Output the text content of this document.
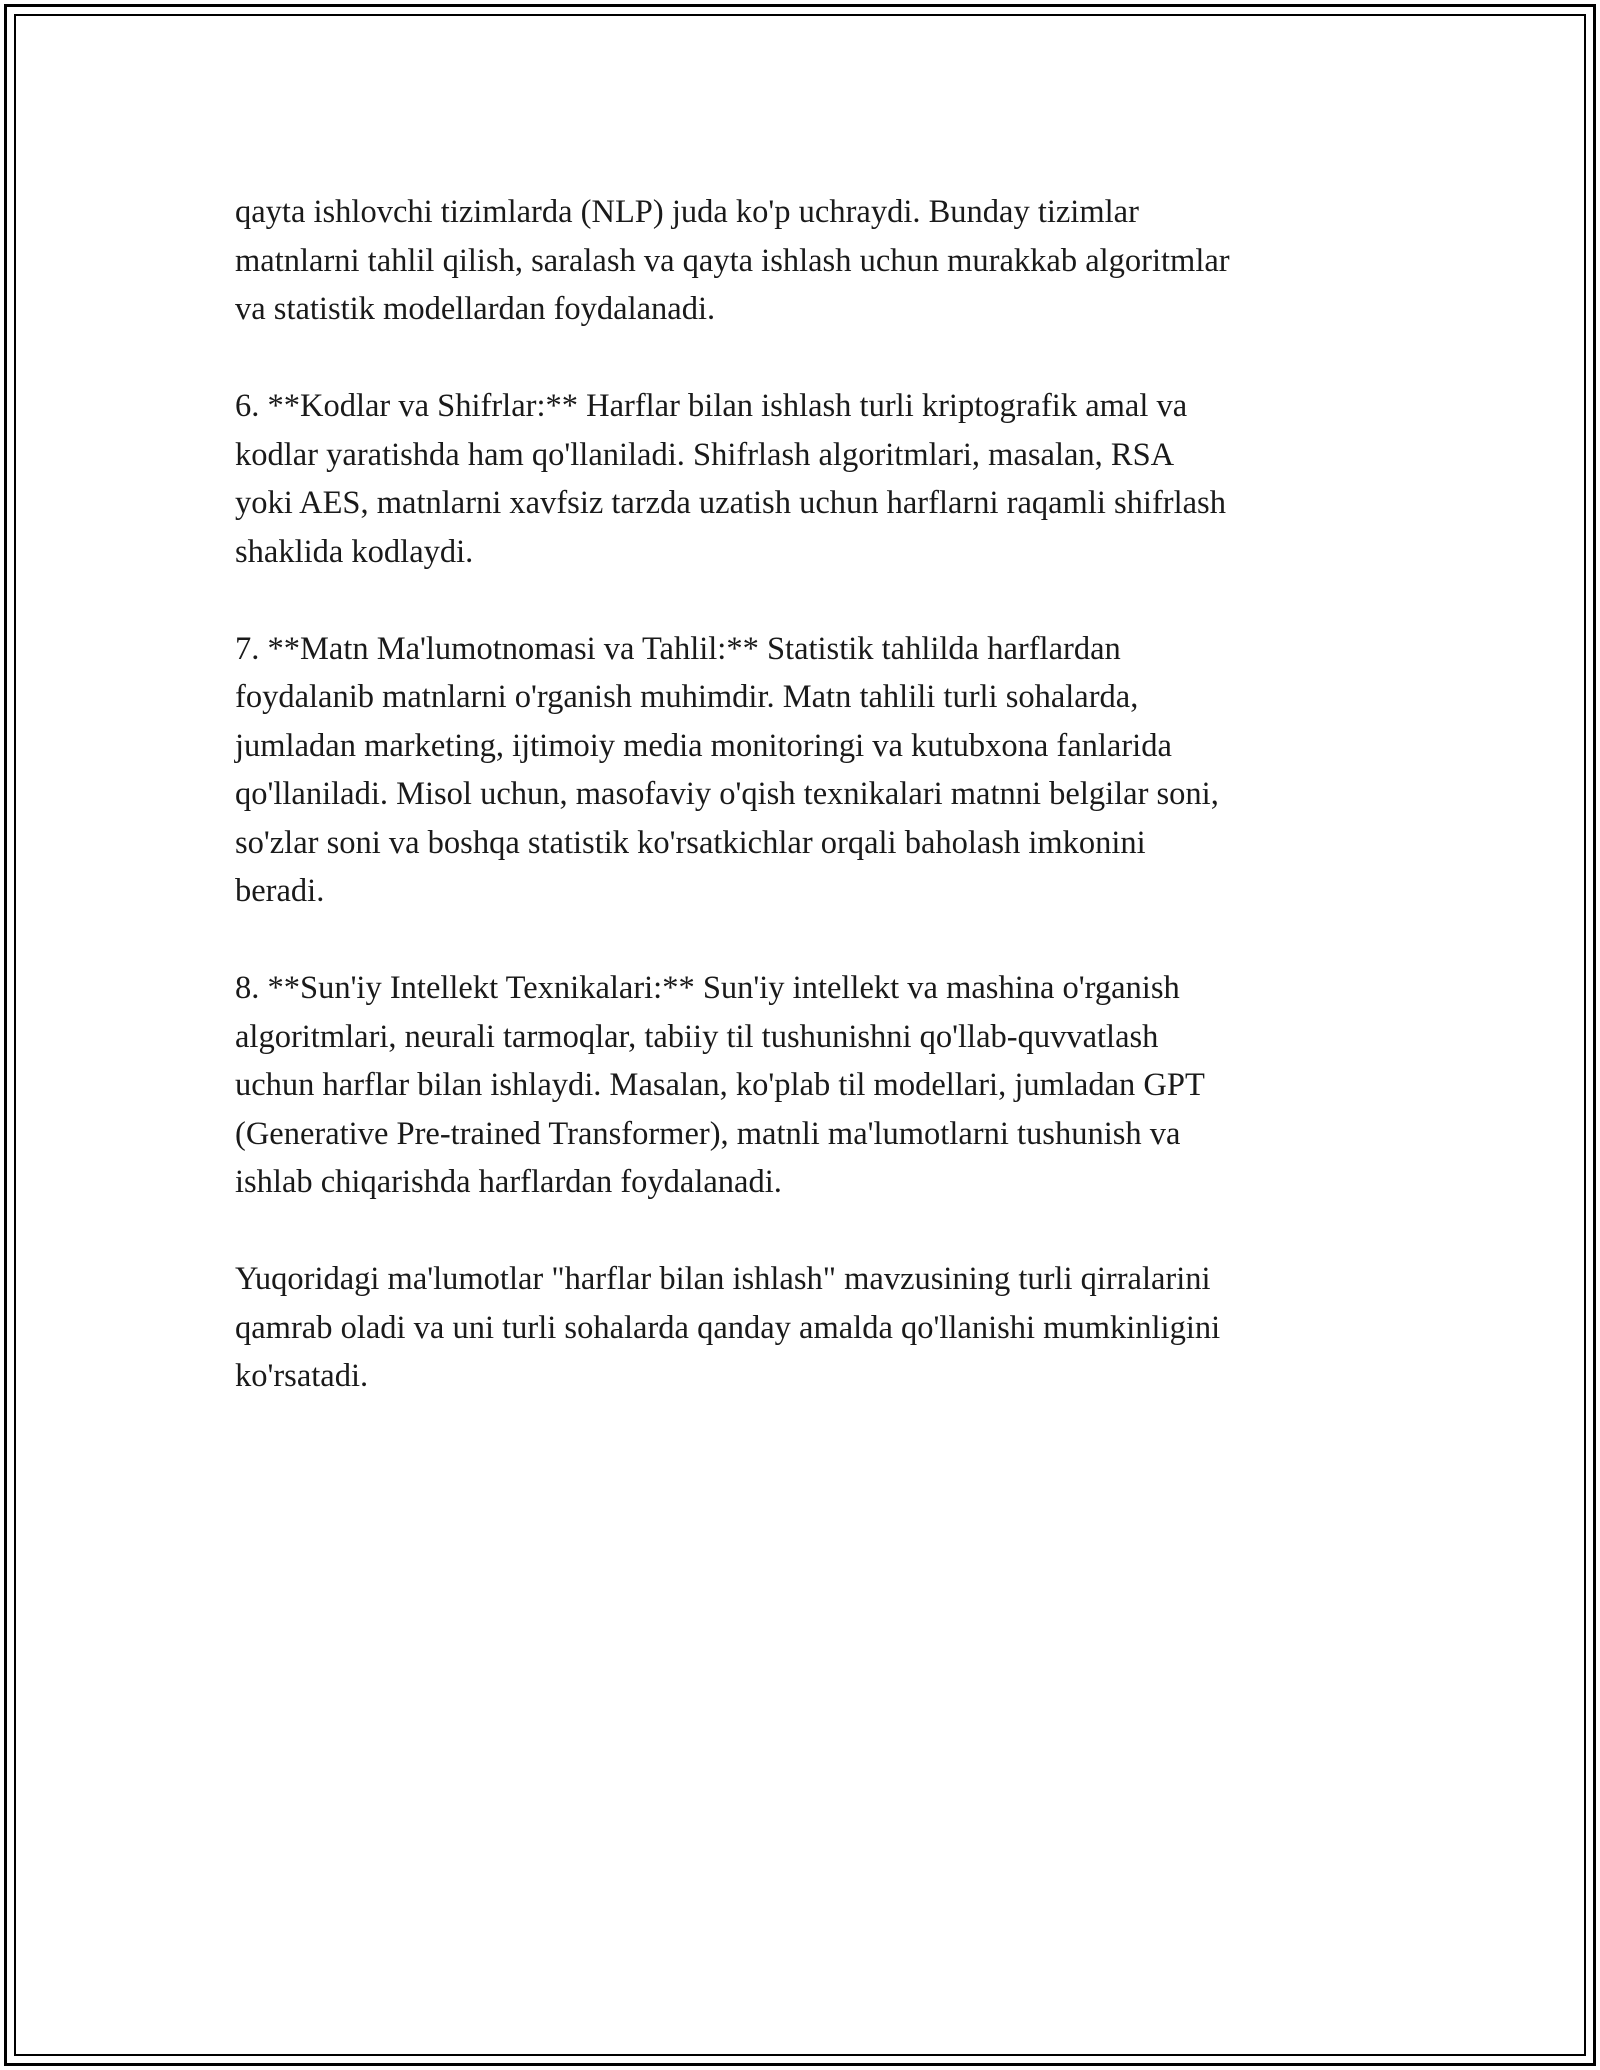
qayta ishlovchi tizimlarda (NLP) juda ko'p uchraydi. Bunday tizimlar
matnlarni tahlil qilish, saralash va qayta ishlash uchun murakkab algoritmlar
va statistik modellardan foydalanadi.

6. **Kodlar va Shifrlar:** Harflar bilan ishlash turli kriptografik amal va
kodlar yaratishda ham qo'llaniladi. Shifrlash algoritmlari, masalan, RSA
yoki AES, matnlarni xavfsiz tarzda uzatish uchun harflarni raqamli shifrlash
shaklida kodlaydi.

7. **Matn Ma'lumotnomasi va Tahlil:** Statistik tahlilda harflardan
foydalanib matnlarni o'rganish muhimdir. Matn tahlili turli sohalarda,
jumladan marketing, ijtimoiy media monitoringi va kutubxona fanlarida
qo'llaniladi. Misol uchun, masofaviy o'qish texnikalari matnni belgilar soni,
so'zlar soni va boshqa statistik ko'rsatkichlar orqali baholash imkonini
beradi.

8. **Sun'iy Intellekt Texnikalari:** Sun'iy intellekt va mashina o'rganish
algoritmlari, neurali tarmoqlar, tabiiy til tushunishni qo'llab-quvvatlash
uchun harflar bilan ishlaydi. Masalan, ko'plab til modellari, jumladan GPT
(Generative Pre-trained Transformer), matnli ma'lumotlarni tushunish va
ishlab chiqarishda harflardan foydalanadi.

Yuqoridagi ma'lumotlar "harflar bilan ishlash" mavzusining turli qirralarini
qamrab oladi va uni turli sohalarda qanday amalda qo'llanishi mumkinligini
ko'rsatadi.
